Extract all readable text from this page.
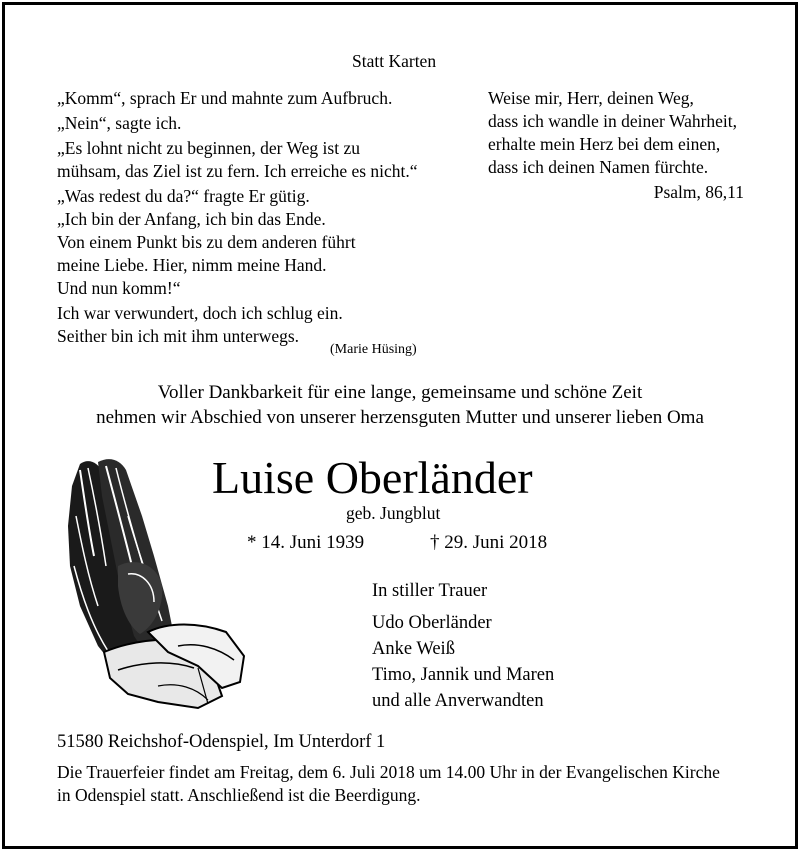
Statt Karten
„Komm“, sprach Er und mahnte zum Aufbruch.
„Nein“, sagte ich.
„Es lohnt nicht zu beginnen, der Weg ist zu
mühsam, das Ziel ist zu fern. Ich erreiche es nicht.“
„Was redest du da?“ fragte Er gütig.
„Ich bin der Anfang, ich bin das Ende.
Von einem Punkt bis zu dem anderen führt
meine Liebe. Hier, nimm meine Hand.
Und nun komm!“
Ich war verwundert, doch ich schlug ein.
Seither bin ich mit ihm unterwegs.
(Marie Hüsing)
Weise mir, Herr, deinen Weg,
dass ich wandle in deiner Wahrheit,
erhalte mein Herz bei dem einen,
dass ich deinen Namen fürchte.
Psalm, 86,11
Voller Dankbarkeit für eine lange, gemeinsame und schöne Zeit
nehmen wir Abschied von unserer herzensguten Mutter und unserer lieben Oma
Luise Oberländer
geb. Jungblut
* 14. Juni 1939	† 29. Juni 2018
In stiller Trauer
Udo Oberländer
Anke Weiß
Timo, Jannik und Maren
und alle Anverwandten
51580 Reichshof-Odenspiel, Im Unterdorf 1
Die Trauerfeier findet am Freitag, dem 6. Juli 2018 um 14.00 Uhr in der Evangelischen Kirche
in Odenspiel statt. Anschließend ist die Beerdigung.
